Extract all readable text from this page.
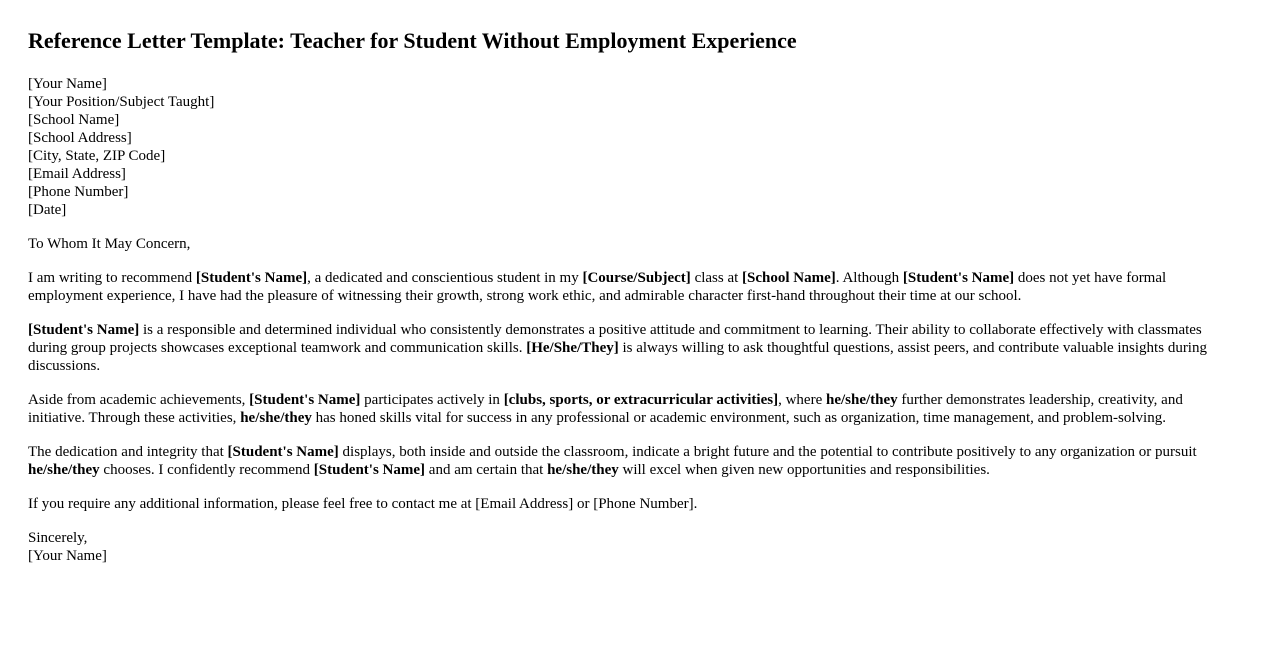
Reference Letter Template: Teacher for Student Without Employment Experience
[Your Name]
[Your Position/Subject Taught]
[School Name]
[School Address]
[City, State, ZIP Code]
[Email Address]
[Phone Number]
[Date]

To Whom It May Concern,

I am writing to recommend [Student's Name], a dedicated and conscientious student in my [Course/Subject] class at [School Name]. Although [Student's Name] does not yet have formal employment experience, I have had the pleasure of witnessing their growth, strong work ethic, and admirable character first-hand throughout their time at our school.

[Student's Name] is a responsible and determined individual who consistently demonstrates a positive attitude and commitment to learning. Their ability to collaborate effectively with classmates during group projects showcases exceptional teamwork and communication skills. [He/She/They] is always willing to ask thoughtful questions, assist peers, and contribute valuable insights during discussions.

Aside from academic achievements, [Student's Name] participates actively in [clubs, sports, or extracurricular activities], where he/she/they further demonstrates leadership, creativity, and initiative. Through these activities, he/she/they has honed skills vital for success in any professional or academic environment, such as organization, time management, and problem-solving.

The dedication and integrity that [Student's Name] displays, both inside and outside the classroom, indicate a bright future and the potential to contribute positively to any organization or pursuit he/she/they chooses. I confidently recommend [Student's Name] and am certain that he/she/they will excel when given new opportunities and responsibilities.

If you require any additional information, please feel free to contact me at [Email Address] or [Phone Number].

Sincerely,
[Your Name]
